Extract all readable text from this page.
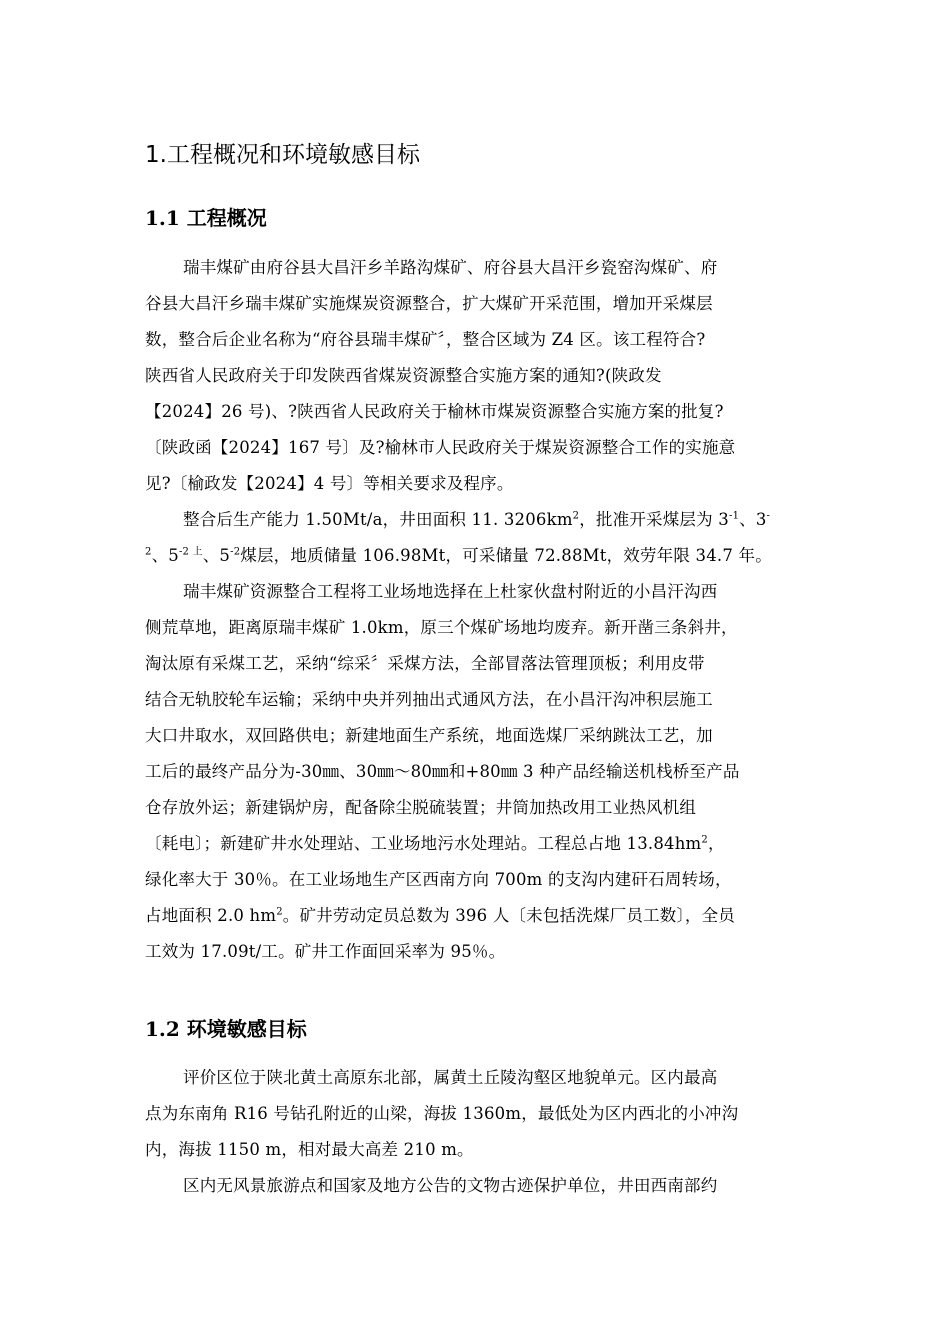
1.工程概况和环境敏感目标
1.1 工程概况
瑞丰煤矿由府谷县大昌汗乡羊路沟煤矿、府谷县大昌汗乡瓷窑沟煤矿、府
谷县大昌汗乡瑞丰煤矿实施煤炭资源整合，扩大煤矿开采范围，增加开采煤层
数，整合后企业名称为“府谷县瑞丰煤矿〞，整合区域为 Z4 区。该工程符合?
陕西省人民政府关于印发陕西省煤炭资源整合实施方案的通知?(陕政发
【2024】26 号)、?陕西省人民政府关于榆林市煤炭资源整合实施方案的批复?
〔陕政函【2024】167 号〕及?榆林市人民政府关于煤炭资源整合工作的实施意
见?〔榆政发【2024】4 号〕等相关要求及程序。
整合后生产能力 1.50Mt/a，井田面积 11. $3206km^2$，批准开采煤层为 $3^{-1}$、3-
$^2$、$5^{-2 上}$、$5^{-2}$煤层，地质储量 106.98Mt，可采储量 72.88Mt，效劳年限 34.7 年。
瑞丰煤矿资源整合工程将工业场地选择在上杜家伙盘村附近的小昌汗沟西
侧荒草地，距离原瑞丰煤矿 1.0km，原三个煤矿场地均废弃。新开凿三条斜井，
淘汰原有采煤工艺，采纳“综采〞采煤方法，全部冒落法管理顶板；利用皮带
结合无轨胶轮车运输；采纳中央并列抽出式通风方法，在小昌汗沟冲积层施工
大口井取水，双回路供电；新建地面生产系统，地面选煤厂采纳跳汰工艺，加
工后的最终产品分为-30㎜、30㎜～80㎜和+80㎜ 3 种产品经输送机栈桥至产品
仓存放外运；新建锅炉房，配备除尘脱硫装置；井筒加热改用工业热风机组
〔耗电〕；新建矿井水处理站、工业场地污水处理站。工程总占地 $13.84hm^2$，
绿化率大于 30％。在工业场地生产区西南方向 700m 的支沟内建矸石周转场，
占地面积 2.0 $hm^2$。矿井劳动定员总数为 396 人〔未包括洗煤厂员工数〕，全员
工效为 17.09t/工。矿井工作面回采率为 95％。
1.2 环境敏感目标
评价区位于陕北黄土高原东北部，属黄土丘陵沟壑区地貌单元。区内最高
点为东南角 R16 号钻孔附近的山梁，海拔 1360m，最低处为区内西北的小冲沟
内，海拔 1150 m，相对最大高差 210 m。
区内无风景旅游点和国家及地方公告的文物古迹保护单位，井田西南部约
